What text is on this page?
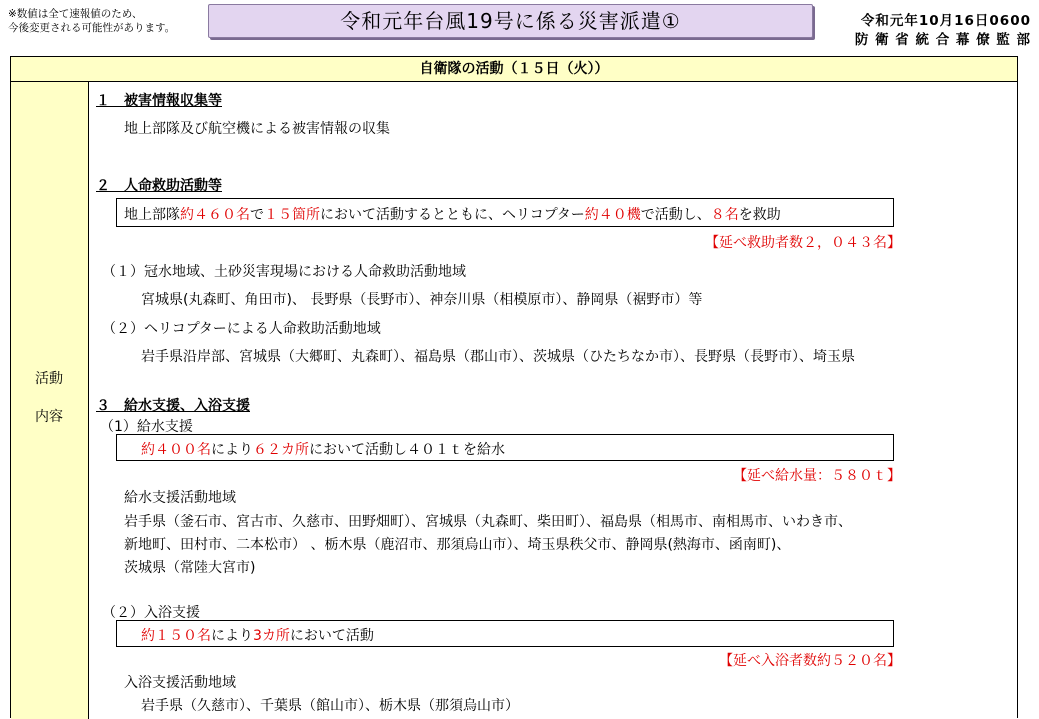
※数値は全て速報値のため、
今後変更される可能性があります。	令和元年台風19号に係る災害派遣①	令和元年10月16日0600
防 衛 省 統 合 幕 僚 監 部
自衛隊の活動（１５日（火））
活動
内容
１　被害情報収集等
地上部隊及び航空機による被害情報の収集
２　人命救助活動等
地上部隊約４６０名で１５箇所において活動するとともに、ヘリコプター約４０機で活動し、８名を救助
【延べ救助者数２，０４３名】
（１）冠水地域、土砂災害現場における人命救助活動地域
宮城県(丸森町、角田市)、 長野県（長野市）、神奈川県（相模原市）、静岡県（裾野市）等
（２）ヘリコプターによる人命救助活動地域
岩手県沿岸部、宮城県（大郷町、丸森町）、福島県（郡山市）、茨城県（ひたちなか市）、長野県（長野市）、埼玉県
３　給水支援、入浴支援
（1）給水支援
約４００名により６２カ所において活動し４０１ｔを給水
【延べ給水量：５８０ｔ】
給水支援活動地域
岩手県（釜石市、宮古市、久慈市、田野畑町）、宮城県（丸森町、柴田町）、福島県（相馬市、南相馬市、いわき市、
新地町、田村市、二本松市） 、栃木県（鹿沼市、那須烏山市）、埼玉県秩父市、静岡県(熱海市、函南町)、
茨城県（常陸大宮市)
（２）入浴支援
約１５０名により3カ所において活動
【延べ入浴者数約５２０名】
入浴支援活動地域
岩手県（久慈市）、千葉県（館山市）、栃木県（那須烏山市）
